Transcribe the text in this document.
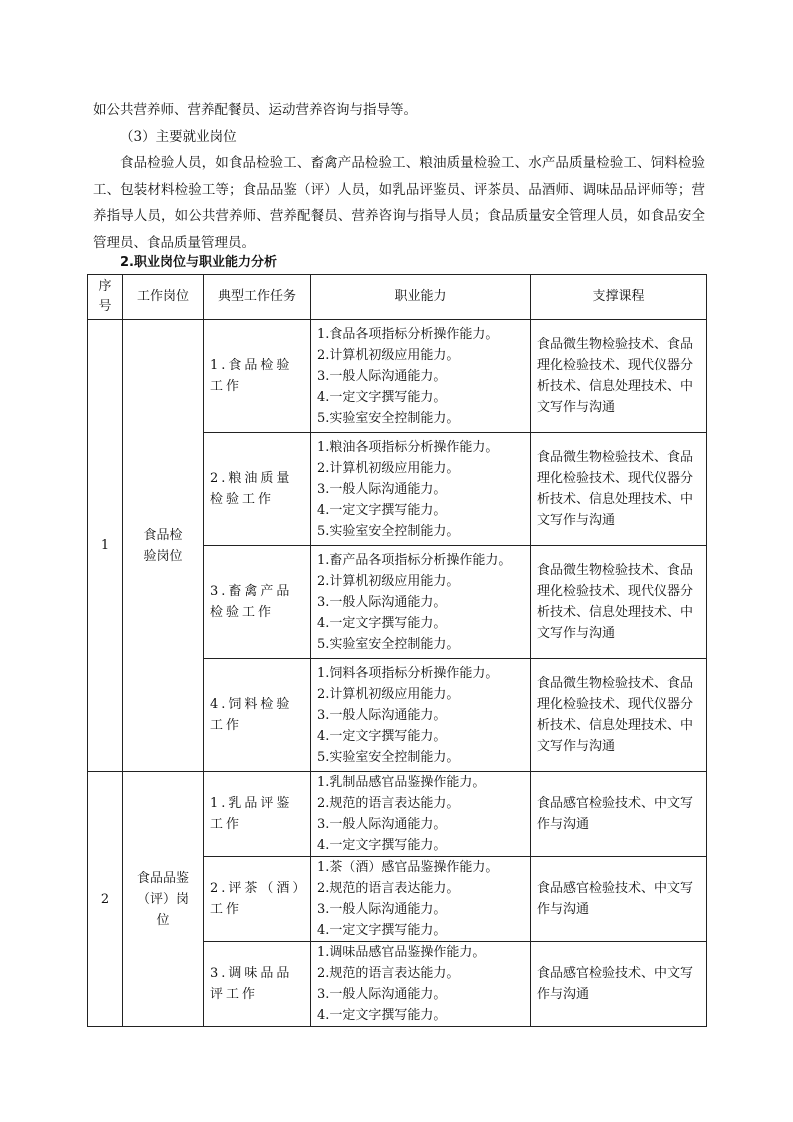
如公共营养师、营养配餐员、运动营养咨询与指导等。

（3）主要就业岗位

食品检验人员，如食品检验工、畜禽产品检验工、粮油质量检验工、水产品质量检验工、饲料检验工、包装材料检验工等；食品品鉴（评）人员，如乳品评鉴员、评茶员、品酒师、调味品品评师等；营养指导人员，如公共营养师、营养配餐员、营养咨询与指导人员；食品质量安全管理人员，如食品安全管理员、食品质量管理员。

2.职业岗位与职业能力分析
序号	工作岗位	典型工作任务	职业能力	支撑课程
1	食品检验岗位	1.食品检验工作	1.食品各项指标分析操作能力。
2.计算机初级应用能力。
3.一般人际沟通能力。
4.一定文字撰写能力。
5.实验室安全控制能力。	食品微生物检验技术、食品理化检验技术、现代仪器分析技术、信息处理技术、中文写作与沟通
		2.粮油质量检验工作	1.粮油各项指标分析操作能力。
2.计算机初级应用能力。
3.一般人际沟通能力。
4.一定文字撰写能力。
5.实验室安全控制能力。	食品微生物检验技术、食品理化检验技术、现代仪器分析技术、信息处理技术、中文写作与沟通
		3.畜禽产品检验工作	1.畜产品各项指标分析操作能力。
2.计算机初级应用能力。
3.一般人际沟通能力。
4.一定文字撰写能力。
5.实验室安全控制能力。	食品微生物检验技术、食品理化检验技术、现代仪器分析技术、信息处理技术、中文写作与沟通
		4.饲料检验工作	1.饲料各项指标分析操作能力。
2.计算机初级应用能力。
3.一般人际沟通能力。
4.一定文字撰写能力。
5.实验室安全控制能力。	食品微生物检验技术、食品理化检验技术、现代仪器分析技术、信息处理技术、中文写作与沟通
2	食品品鉴（评）岗位	1.乳品评鉴工作	1.乳制品感官品鉴操作能力。
2.规范的语言表达能力。
3.一般人际沟通能力。
4.一定文字撰写能力。	食品感官检验技术、中文写作与沟通
		2.评茶（酒）工作	1.茶（酒）感官品鉴操作能力。
2.规范的语言表达能力。
3.一般人际沟通能力。
4.一定文字撰写能力。	食品感官检验技术、中文写作与沟通
		3.调味品品评工作	1.调味品感官品鉴操作能力。
2.规范的语言表达能力。
3.一般人际沟通能力。
4.一定文字撰写能力。	食品感官检验技术、中文写作与沟通
